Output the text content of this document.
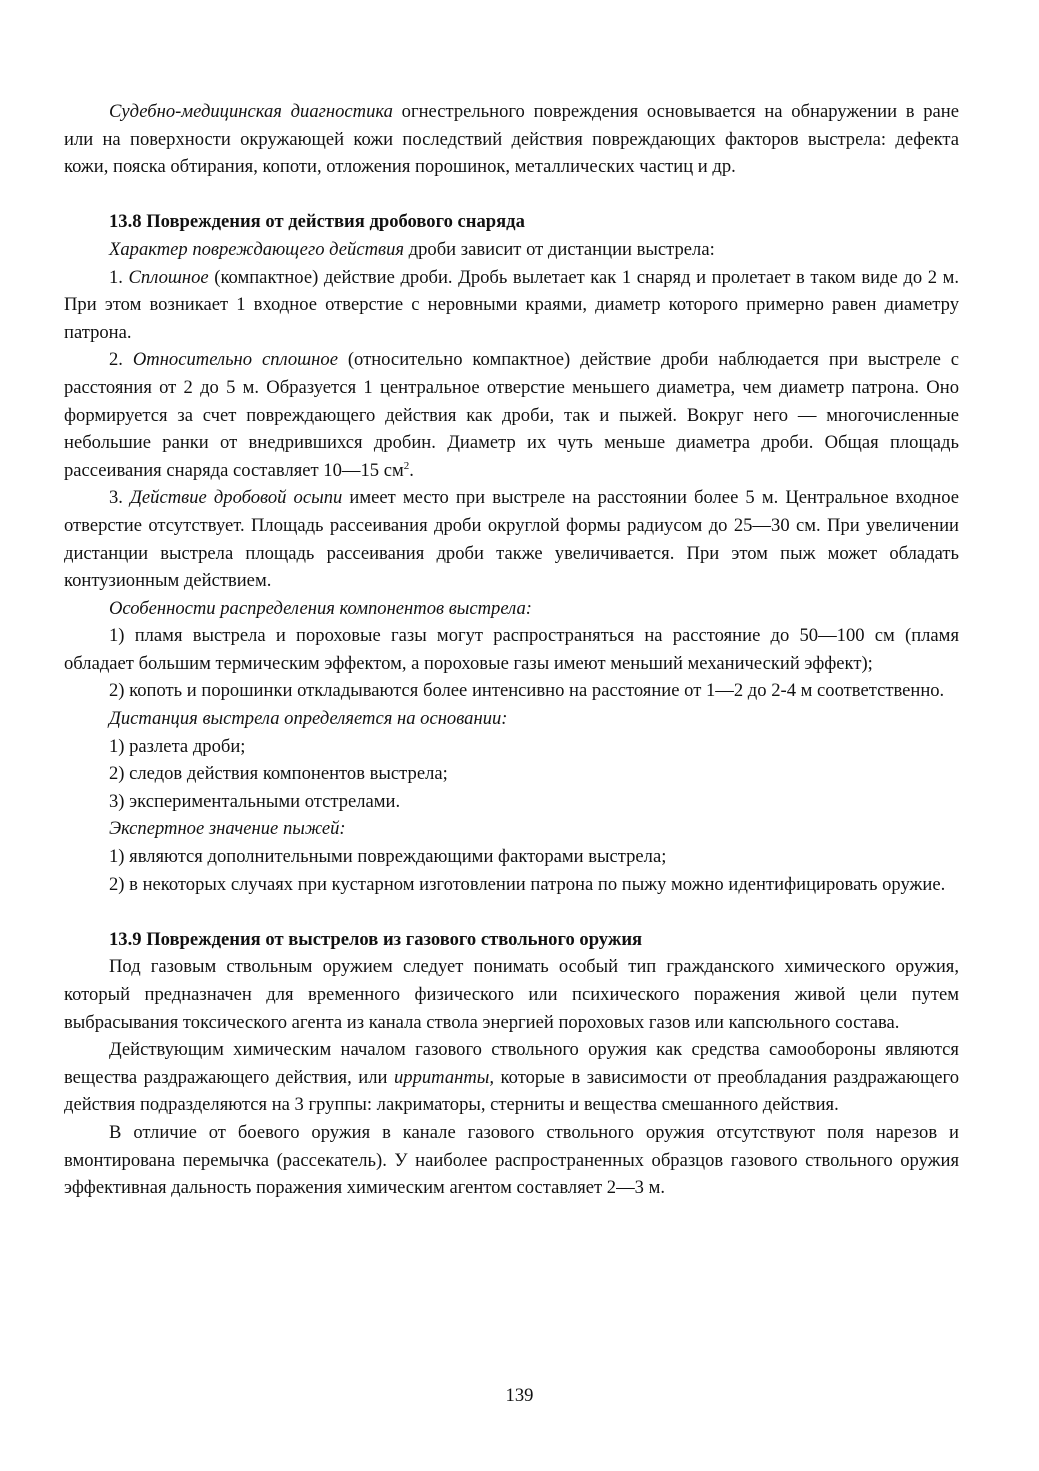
Судебно-медицинская диагностика огнестрельного повреждения основывается на обнаружении в ране или на поверхности окружающей кожи последствий действия повреждающих факторов выстрела: дефекта кожи, пояска обтирания, копоти, отложения порошинок, металлических частиц и др.

13.8 Повреждения от действия дробового снаряда

Характер повреждающего действия дроби зависит от дистанции выстрела:

1. Сплошное (компактное) действие дроби. Дробь вылетает как 1 снаряд и пролетает в таком виде до 2 м. При этом возникает 1 входное отверстие с неровными краями, диаметр которого примерно равен диаметру патрона.

2. Относительно сплошное (относительно компактное) действие дроби наблюдается при выстреле с расстояния от 2 до 5 м. Образуется 1 центральное отверстие меньшего диаметра, чем диаметр патрона. Оно формируется за счет повреждающего действия как дроби, так и пыжей. Вокруг него — многочисленные небольшие ранки от внедрившихся дробин. Диаметр их чуть меньше диаметра дроби. Общая площадь рассеивания снаряда составляет 10—15 $см^2$.

3. Действие дробовой осыпи имеет место при выстреле на расстоянии более 5 м. Центральное входное отверстие отсутствует. Площадь рассеивания дроби округлой формы радиусом до 25—30 см. При увеличении дистанции выстрела площадь рассеивания дроби также увеличивается. При этом пыж может обладать контузионным действием.

Особенности распределения компонентов выстрела:

1) пламя выстрела и пороховые газы могут распространяться на расстояние до 50—100 см (пламя обладает большим термическим эффектом, а пороховые газы имеют меньший механический эффект);

2) копоть и порошинки откладываются более интенсивно на расстояние от 1—2 до 2-4 м соответственно.

Дистанция выстрела определяется на основании:

1) разлета дроби;

2) следов действия компонентов выстрела;

3) экспериментальными отстрелами.

Экспертное значение пыжей:

1) являются дополнительными повреждающими факторами выстрела;

2) в некоторых случаях при кустарном изготовлении патрона по пыжу можно идентифицировать оружие.

13.9 Повреждения от выстрелов из газового ствольного оружия

Под газовым ствольным оружием следует понимать особый тип гражданского химического оружия, который предназначен для временного физического или психического поражения живой цели путем выбрасывания токсического агента из канала ствола энергией пороховых газов или капсюльного состава.

Действующим химическим началом газового ствольного оружия как средства самообороны являются вещества раздражающего действия, или ирританты, которые в зависимости от преобладания раздражающего действия подразделяются на 3 группы: лакриматоры, стерниты и вещества смешанного действия.

В отличие от боевого оружия в канале газового ствольного оружия отсутствуют поля нарезов и вмонтирована перемычка (рассекатель). У наиболее распространенных образцов газового ствольного оружия эффективная дальность поражения химическим агентом составляет 2—3 м.

139
